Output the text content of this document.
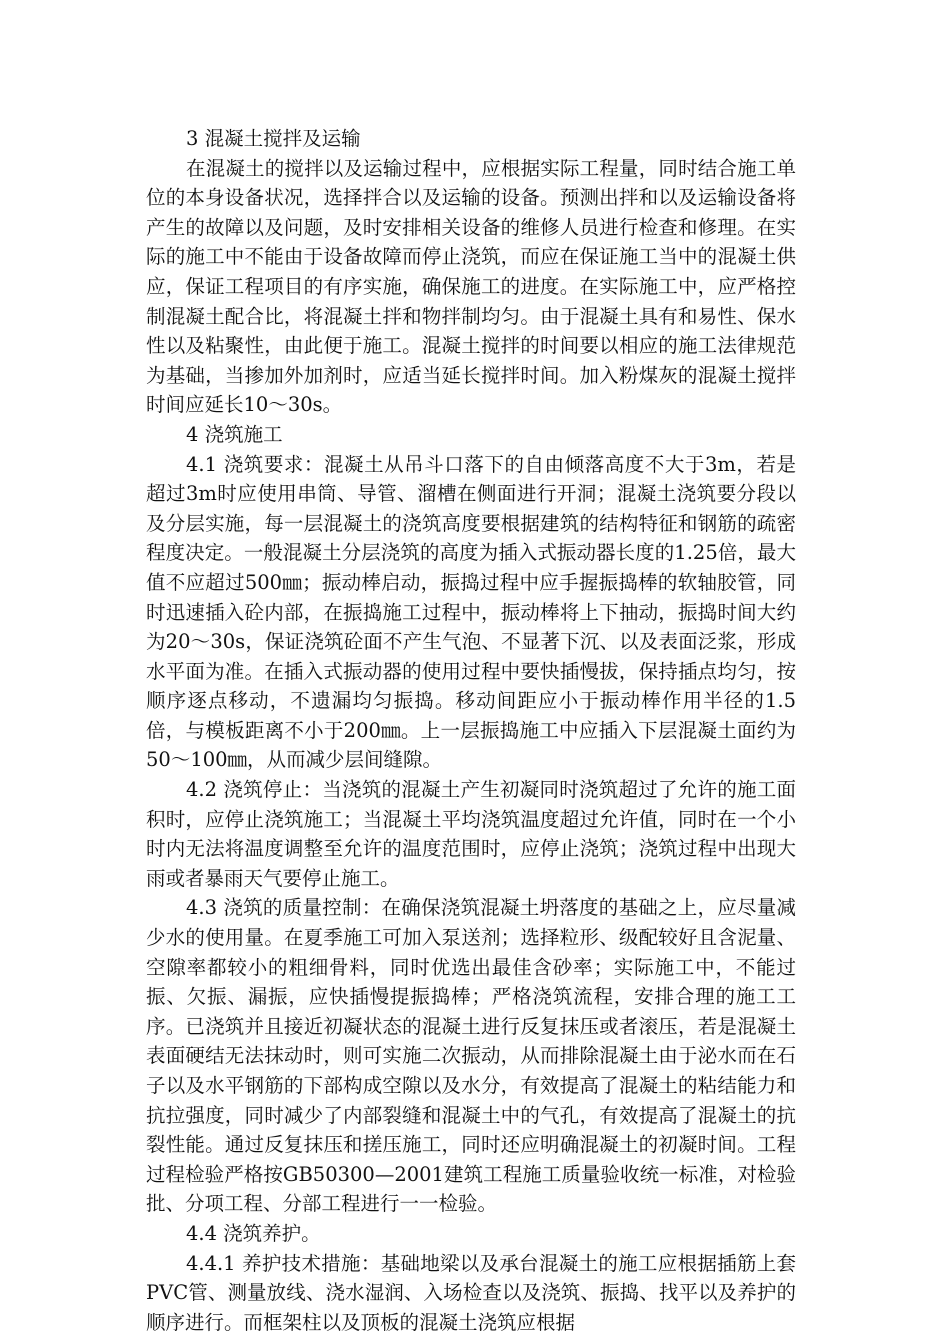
3 混凝土搅拌及运输

在混凝土的搅拌以及运输过程中，应根据实际工程量，同时结合施工单位的本身设备状况，选择拌合以及运输的设备。预测出拌和以及运输设备将产生的故障以及问题，及时安排相关设备的维修人员进行检查和修理。在实际的施工中不能由于设备故障而停止浇筑，而应在保证施工当中的混凝土供应，保证工程项目的有序实施，确保施工的进度。在实际施工中，应严格控制混凝土配合比，将混凝土拌和物拌制均匀。由于混凝土具有和易性、保水性以及粘聚性，由此便于施工。混凝土搅拌的时间要以相应的施工法律规范为基础，当掺加外加剂时，应适当延长搅拌时间。加入粉煤灰的混凝土搅拌时间应延长10～30s。

4 浇筑施工

4.1 浇筑要求：混凝土从吊斗口落下的自由倾落高度不大于3m，若是超过3m时应使用串筒、导管、溜槽在侧面进行开洞；混凝土浇筑要分段以及分层实施，每一层混凝土的浇筑高度要根据建筑的结构特征和钢筋的疏密程度决定。一般混凝土分层浇筑的高度为插入式振动器长度的1.25倍，最大值不应超过500㎜；振动棒启动，振捣过程中应手握振捣棒的软轴胶管，同时迅速插入砼内部，在振捣施工过程中，振动棒将上下抽动，振捣时间大约为20～30s，保证浇筑砼面不产生气泡、不显著下沉、以及表面泛浆，形成水平面为准。在插入式振动器的使用过程中要快插慢拔，保持插点均匀，按顺序逐点移动，不遗漏均匀振捣。移动间距应小于振动棒作用半径的1.5倍，与模板距离不小于200㎜。上一层振捣施工中应插入下层混凝土面约为50～100㎜，从而减少层间缝隙。

4.2 浇筑停止：当浇筑的混凝土产生初凝同时浇筑超过了允许的施工面积时，应停止浇筑施工；当混凝土平均浇筑温度超过允许值，同时在一个小时内无法将温度调整至允许的温度范围时，应停止浇筑；浇筑过程中出现大雨或者暴雨天气要停止施工。

4.3 浇筑的质量控制：在确保浇筑混凝土坍落度的基础之上，应尽量减少水的使用量。在夏季施工可加入泵送剂；选择粒形、级配较好且含泥量、空隙率都较小的粗细骨料，同时优选出最佳含砂率；实际施工中，不能过振、欠振、漏振，应快插慢提振捣棒；严格浇筑流程，安排合理的施工工序。已浇筑并且接近初凝状态的混凝土进行反复抹压或者滚压，若是混凝土表面硬结无法抹动时，则可实施二次振动，从而排除混凝土由于泌水而在石子以及水平钢筋的下部构成空隙以及水分，有效提高了混凝土的粘结能力和抗拉强度，同时减少了内部裂缝和混凝土中的气孔，有效提高了混凝土的抗裂性能。通过反复抹压和搓压施工，同时还应明确混凝土的初凝时间。工程过程检验严格按GB50300—2001建筑工程施工质量验收统一标准，对检验批、分项工程、分部工程进行一一检验。

4.4 浇筑养护。

4.4.1 养护技术措施：基础地梁以及承台混凝土的施工应根据插筋上套PVC管、测量放线、浇水湿润、入场检查以及浇筑、振捣、找平以及养护的顺序进行。而框架柱以及顶板的混凝土浇筑应根据
